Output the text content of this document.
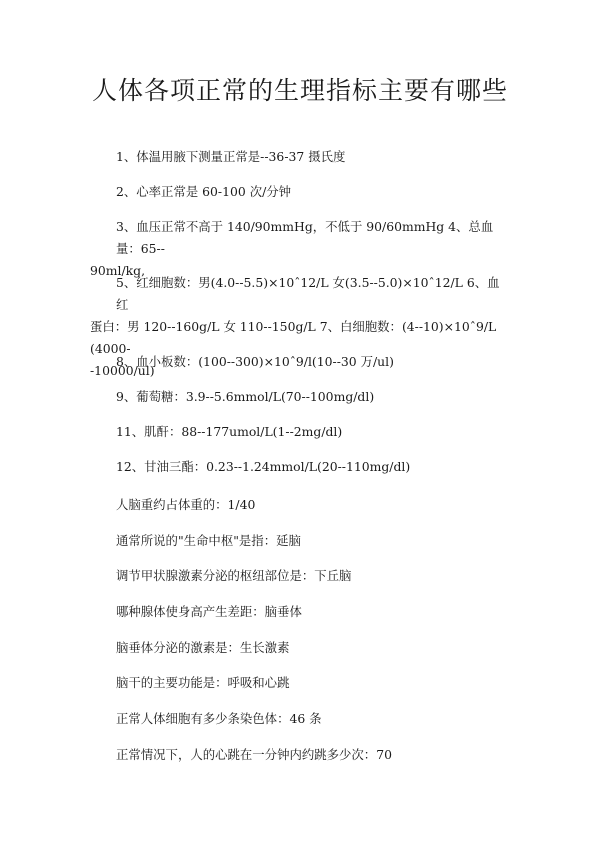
人体各项正常的生理指标主要有哪些
1、体温用腋下测量正常是--36-37 摄氏度
2、心率正常是 60-100 次/分钟
3、血压正常不高于 140/90mmHg，不低于 90/60mmHg 4、总血量：65--
90ml/kg,
5、红细胞数：男(4.0--5.5)×10ˆ12/L 女(3.5--5.0)×10ˆ12/L 6、血红
蛋白：男 120--160g/L 女 110--150g/L 7、白细胞数：(4--10)×10ˆ9/L(4000-
-10000/ul)
8、血小板数：(100--300)×10ˆ9/l(10--30 万/ul)
9、葡萄糖：3.9--5.6mmol/L(70--100mg/dl)
11、肌酐：88--177umol/L(1--2mg/dl)
12、甘油三酯：0.23--1.24mmol/L(20--110mg/dl)
人脑重约占体重的：1/40
通常所说的"生命中枢"是指：延脑
调节甲状腺激素分泌的枢纽部位是：下丘脑
哪种腺体使身高产生差距：脑垂体
脑垂体分泌的激素是：生长激素
脑干的主要功能是：呼吸和心跳
正常人体细胞有多少条染色体：46 条
正常情况下，人的心跳在一分钟内约跳多少次：70
